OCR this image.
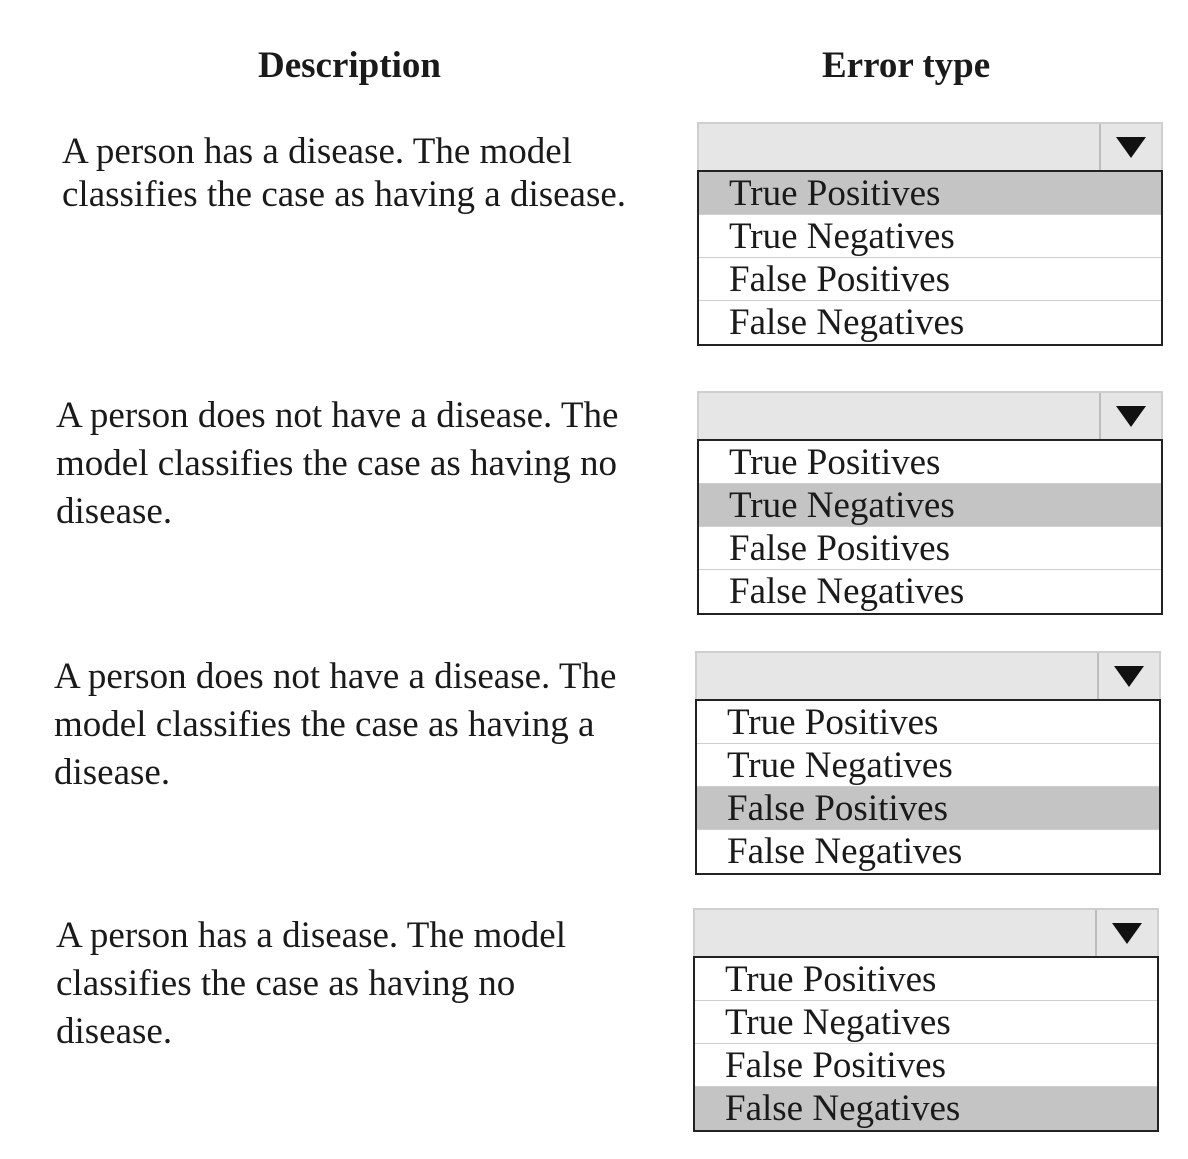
Description	Error type
A person has a disease. The model
classifies the case as having a disease.	True Positives
True Negatives
False Positives
False Negatives
A person does not have a disease. The
model classifies the case as having no
disease.
True Positives
True Negatives
False Positives
False Negatives
A person does not have a disease. The
model classifies the case as having a
disease.
True Positives
True Negatives
False Positives
False Negatives
A person has a disease. The model
classifies the case as having no
disease.
True Positives
True Negatives
False Positives
False Negatives
